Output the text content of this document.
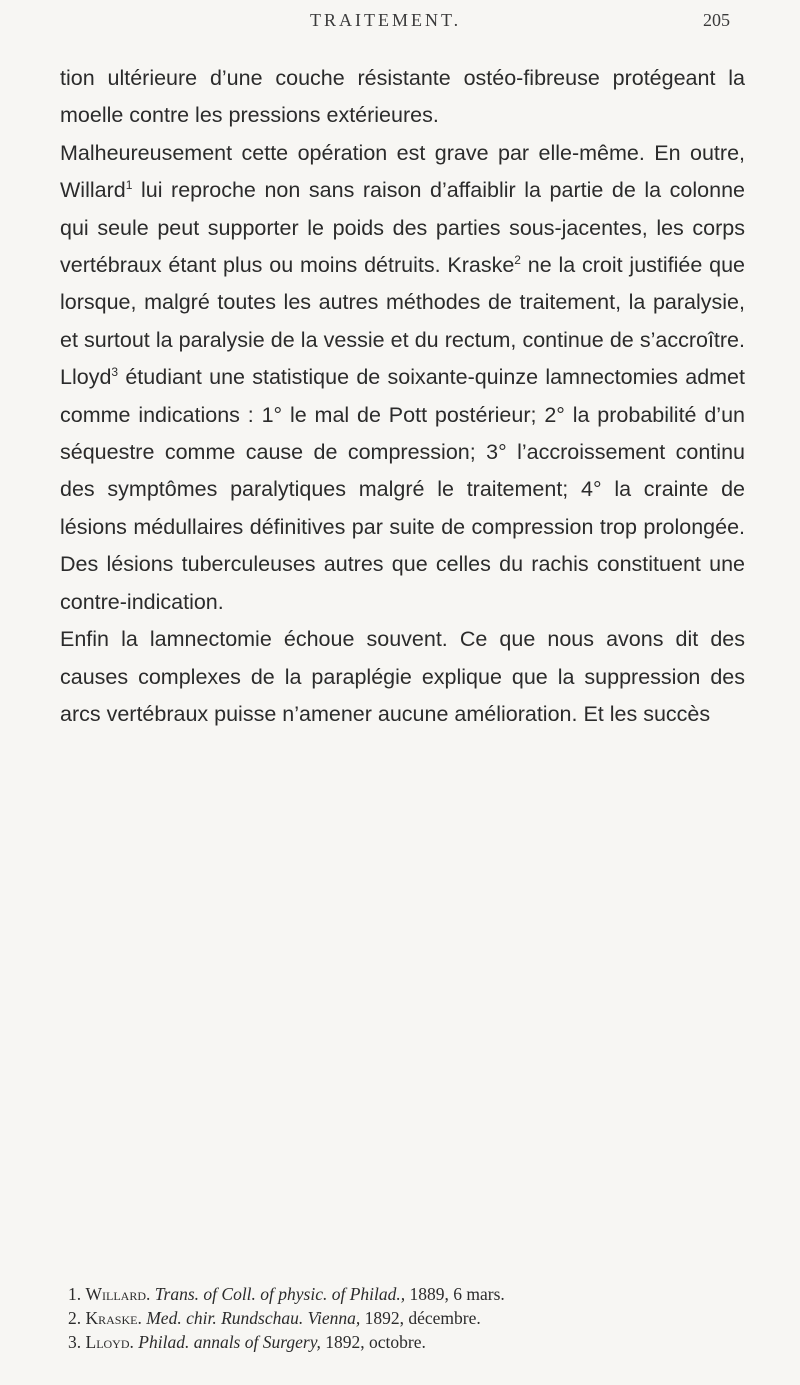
TRAITEMENT.	205

tion ultérieure d’une couche résistante ostéo-fibreuse protégeant la moelle contre les pressions extérieures.

Malheureusement cette opération est grave par elle-même. En outre, Willard$^1$ lui reproche non sans raison d’affaiblir la partie de la colonne qui seule peut supporter le poids des parties sous-jacentes, les corps vertébraux étant plus ou moins détruits. Kraske$^2$ ne la croit justifiée que lorsque, malgré toutes les autres méthodes de traitement, la paralysie, et surtout la paralysie de la vessie et du rectum, continue de s’accroître. Lloyd$^3$ étudiant une statistique de soixante-quinze lamnectomies admet comme indications : 1° le mal de Pott postérieur; 2° la probabilité d’un séquestre comme cause de compression; 3° l’accroissement continu des symptômes paralytiques malgré le traitement; 4° la crainte de lésions médullaires définitives par suite de compression trop prolongée. Des lésions tuberculeuses autres que celles du rachis constituent une contre-indication.

Enfin la lamnectomie échoue souvent. Ce que nous avons dit des causes complexes de la paraplégie explique que la suppression des arcs vertébraux puisse n’amener aucune amélioration. Et les succès

1. Willard. Trans. of Coll. of physic. of Philad., 1889, 6 mars.

2. Kraske. Med. chir. Rundschau. Vienna, 1892, décembre.

3. Lloyd. Philad. annals of Surgery, 1892, octobre.
